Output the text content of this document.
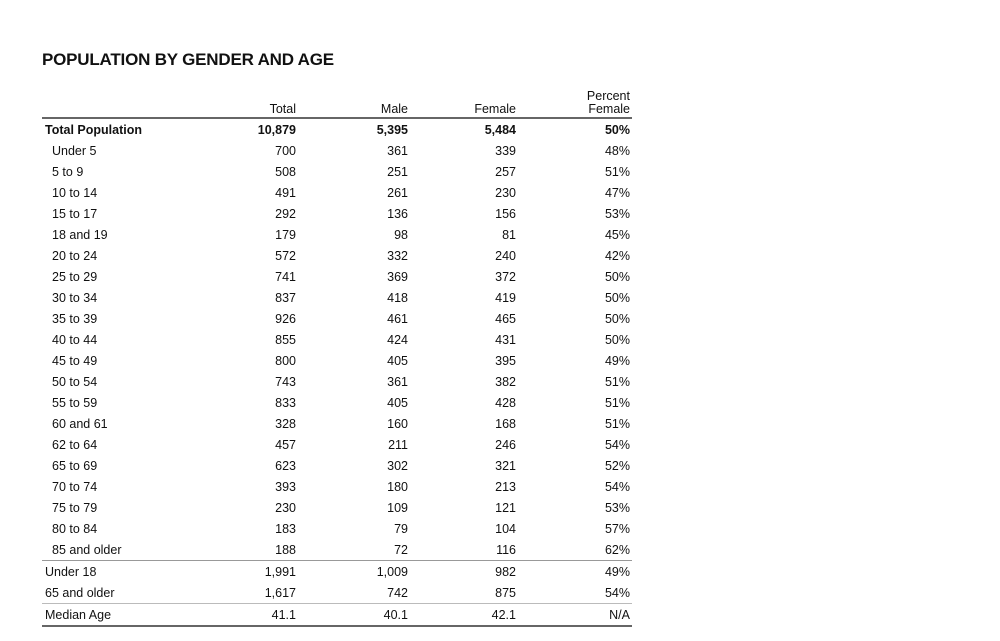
POPULATION BY GENDER AND AGE
	Total	Male	Female	Percent
Female
Total Population	10,879	5,395	5,484	50%
Under 5	700	361	339	48%
5 to 9	508	251	257	51%
10 to 14	491	261	230	47%
15 to 17	292	136	156	53%
18 and 19	179	98	81	45%
20 to 24	572	332	240	42%
25 to 29	741	369	372	50%
30 to 34	837	418	419	50%
35 to 39	926	461	465	50%
40 to 44	855	424	431	50%
45 to 49	800	405	395	49%
50 to 54	743	361	382	51%
55 to 59	833	405	428	51%
60 and 61	328	160	168	51%
62 to 64	457	211	246	54%
65 to 69	623	302	321	52%
70 to 74	393	180	213	54%
75 to 79	230	109	121	53%
80 to 84	183	79	104	57%
85 and older	188	72	116	62%
Under 18	1,991	1,009	982	49%
65 and older	1,617	742	875	54%
Median Age	41.1	40.1	42.1	N/A
